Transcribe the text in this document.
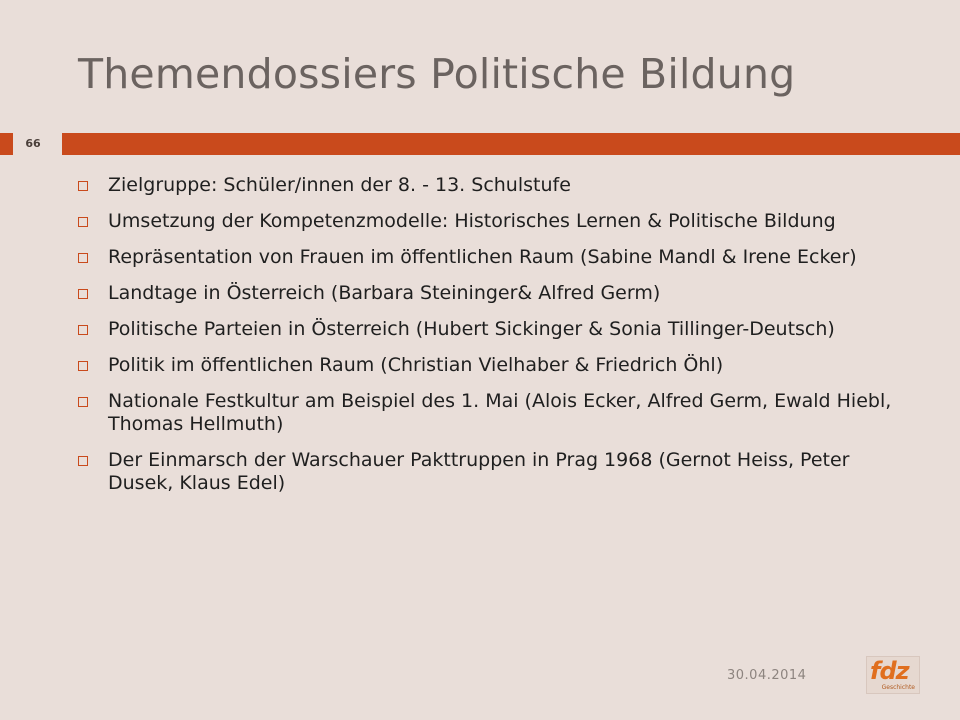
Themendossiers Politische Bildung
66
Zielgruppe: Schüler/innen der 8. - 13. Schulstufe
Umsetzung der Kompetenzmodelle: Historisches Lernen & Politische Bildung
Repräsentation von Frauen im öffentlichen Raum (Sabine Mandl & Irene Ecker)
Landtage in Österreich (Barbara Steininger& Alfred Germ)
Politische Parteien in Österreich (Hubert Sickinger & Sonia Tillinger-Deutsch)
Politik im öffentlichen Raum (Christian Vielhaber & Friedrich Öhl)
Nationale Festkultur am Beispiel des 1. Mai (Alois Ecker, Alfred Germ, Ewald Hiebl, Thomas Hellmuth)
Der Einmarsch der Warschauer Pakttruppen in Prag 1968 (Gernot Heiss, Peter Dusek, Klaus Edel)
30.04.2014	fdz
Geschichte
